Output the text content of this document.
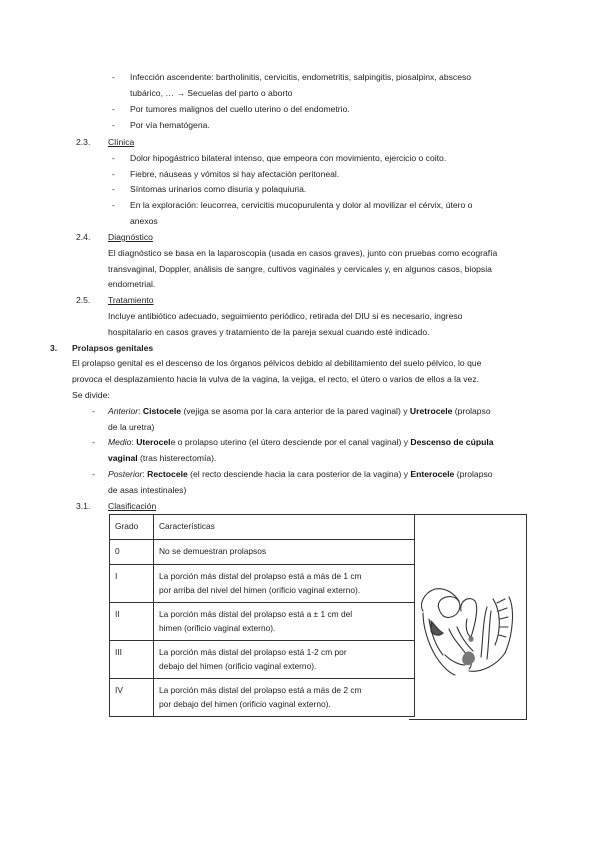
- Infección ascendente: bartholinitis, cervicitis, endometritis, salpingitis, piosalpinx, absceso
tubárico, … → Secuelas del parto o aborto
- Por tumores malignos del cuello uterino o del endometrio.
- Por vía hematógena.
2.3. Clínica
- Dolor hipogástrico bilateral intenso, que empeora con movimiento, ejercicio o coito.
- Fiebre, náuseas y vómitos si hay afectación peritoneal.
- Síntomas urinarios como disuria y polaquiuria.
- En la exploración: leucorrea, cervicitis mucopurulenta y dolor al movilizar el cérvix, útero o
anexos
2.4. Diagnóstico
El diagnóstico se basa en la laparoscopia (usada en casos graves), junto con pruebas como ecografía
transvaginal, Doppler, análisis de sangre, cultivos vaginales y cervicales y, en algunos casos, biopsia
endometrial.
2.5. Tratamiento
Incluye antibiótico adecuado, seguimiento periódico, retirada del DIU si es necesario, ingreso
hospitalario en casos graves y tratamiento de la pareja sexual cuando esté indicado.
3. Prolapsos genitales
El prolapso genital es el descenso de los órganos pélvicos debido al debilitamiento del suelo pélvico, lo que
provoca el desplazamiento hacia la vulva de la vagina, la vejiga, el recto, el útero o varios de ellos a la vez.
Se divide:
- Anterior: Cistocele (vejiga se asoma por la cara anterior de la pared vaginal) y Uretrocele (prolapso
de la uretra)
- Medio: Uterocele o prolapso uterino (el útero desciende por el canal vaginal) y Descenso de cúpula
vaginal (tras histerectomía).
- Posterior: Rectocele (el recto desciende hacia la cara posterior de la vagina) y Enterocele (prolapso
de asas intestinales)
3.1. Clasificación
Grado	Características
0	No se demuestran prolapsos
I	La porción más distal del prolapso está a más de 1 cm
por arriba del nivel del himen (orificio vaginal externo).

II	La porción más distal del prolapso está a ± 1 cm del
himen (orificio vaginal externo).

III	La porción más distal del prolapso está 1-2 cm por
debajo del himen (orificio vaginal externo).

IV	La porción más distal del prolapso está a más de 2 cm
por debajo del himen (orificio vaginal externo).
